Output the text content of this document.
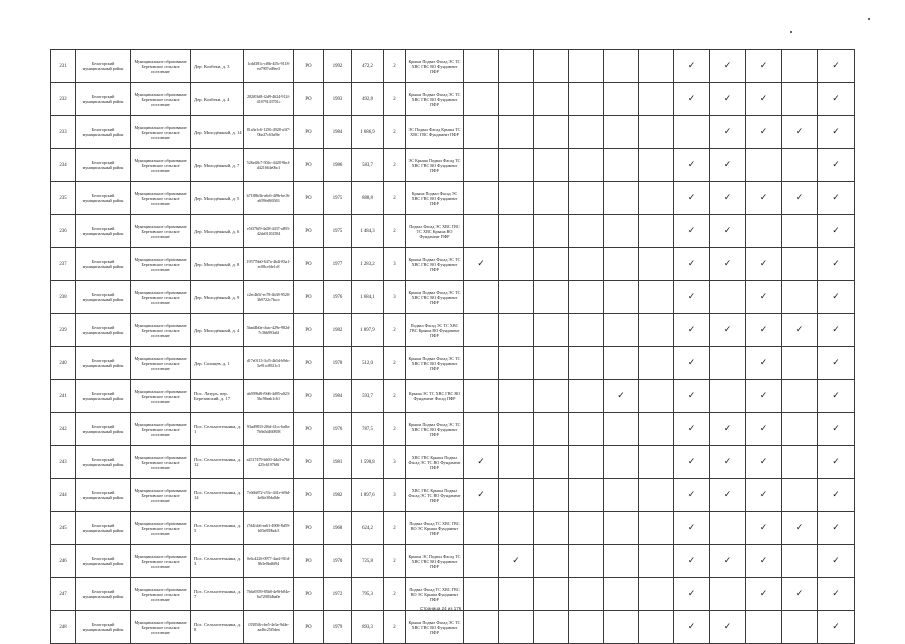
231	Белогорский муниципальный район	Муниципальное образование Березовское сельское поселение	Дер. Колбеки, д. 3	1cdd381c-cf0b-4f5c-9118-ea7907cd8ee3	РО	1992	472,2	2	Крыша Подвал Фасад ЭС ТС ХВС ГВС ВО Фундамент ПФР							✓	✓	✓		✓
232	Белогорский муниципальный район	Муниципальное образование Березовское сельское поселение	Дер. Колбеки, д. 4	282f03d8-f2d9-4624-912f-41679143701c	РО	1993	492,8	2	Крыша Подвал Фасад ЭС ТС ХВС ГВС ВО Фундамент ПФР							✓	✓	✓		✓
233	Белогорский муниципальный район	Муниципальное образование Березовское сельское поселение	Дер. Молодёжный, д. 14	81a3e1c6-1256-4928-a3f7-0be27c63a9fe	РО	1984	1 686,9	2	ЭС Подвал Фасад Крыша ТС ХВС ГВС Фундамент ПФР								✓	✓	✓	✓
234	Белогорский муниципальный район	Муниципальное образование Березовское сельское поселение	Дер. Молодёжный, д. 7	526e48c7-504c-4428-9bcf-d421664e0bc1	РО	1986	583,7	2	ЭС Крыша Подвал Фасад ТС ХВС ГВС ВО Фундамент ПФР							✓	✓			✓
235	Белогорский муниципальный район	Муниципальное образование Березовское сельское поселение	Дер. Молодёжный, д. 5	b7188b3b-a6c6-4f9b-be16-a659fe8f6563	РО	1975	888,8	2	Крыша Подвал Фасад ЭС ХВС ГВС ВО Фундамент ПФР							✓	✓	✓	✓	✓
236	Белогорский муниципальный район	Муниципальное образование Березовское сельское поселение	Дер. Молодёжный, д. 6	e5f376f9-4a58-4437-a893-42da91102584	РО	1975	1 484,3	2	Подвал Фасад ЭС ХВС ГВС ТС ХВС Крыша ВО Фундамент ПФР							✓	✓			✓
237	Белогорский муниципальный район	Муниципальное образование Березовское сельское поселение	Дер. Молодёжный, д. 8	19577bb0-647a-4b4f-83a1-ec08cc6fe1c8	РО	1977	1 283,2	3	Крыша Подвал Фасад ЭС ТС ХВС ГВС ВО Фундамент ПФР	✓						✓	✓	✓		✓
238	Белогорский муниципальный район	Муниципальное образование Березовское сельское поселение	Дер. Молодёжный, д. 9	c2ec4b5f-ec78-4b38-9528-3b9722c7bccc	РО	1976	1 684,1	3	Крыша Подвал Фасад ЭС ТС ХВС ГВС ВО Фундамент ПФР							✓		✓		✓
239	Белогорский муниципальный район	Муниципальное образование Березовское сельское поселение	Дер. Молодёжный, д. 4	5bad4b0a-cbac-429e-982d-7c36b993a6f	РО	1982	1 897,9	2	Подвал Фасад ЭС ТС ХВС ГВС Крыша ВО Фундамент ПФР							✓	✓	✓	✓	✓
240	Белогорский муниципальный район	Муниципальное образование Березовское сельское поселение	Дер. Солнцев, д. 1	d17e0113-3cf5-4b5d-b9dc-5e91cc8921c3	РО	1978	512,0	2	Крыша Подвал Фасад ЭС ТС ХВС ГВС ВО Фундамент ПФР							✓		✓		✓
241	Белогорский муниципальный район	Муниципальное образование Березовское сельское поселение	Пос. Лазурь, пер. Березовский, д. 17	ab599bf8-f9d6-4d95-a023-5bc96eab1c61	РО	1984	593,7	2	Крыша ЭС ТС ХВС ГВС ВО Фундамент Фасад ПФР					✓		✓		✓		✓
242	Белогорский муниципальный район	Муниципальное образование Березовское сельское поселение	Пос. Сельхозтехника, д. 1	93ad9833-2f6d-41cc-ba8a-7b9a5d460858	РО	1976	787,5	2	Крыша Подвал Фасад ЭС ТС ХВС ГВС ВО Фундамент ПФР							✓	✓	✓		✓
243	Белогорский муниципальный район	Муниципальное образование Березовское сельское поселение	Пос. Сельхозтехника, д. 12	a2517479-b603-4da3-a76f-425c619768f	РО	1981	1 590,8	3	ХВС ГВС Крыша Подвал Фасад ЭС ТС ВО Фундамент ПФР	✓						✓	✓	✓		✓
244	Белогорский муниципальный район	Муниципальное образование Березовское сельское поселение	Пос. Сельхозтехника, д. 14	7c66b872-c53c-441e-b9fd-4e0fe30da8de	РО	1982	1 897,6	3	ХВС ГВС Крыша Подвал Фасад ЭС ТС ВО Фундамент ПФР	✓						✓	✓	✓		✓
245	Белогорский муниципальный район	Муниципальное образование Березовское сельское поселение	Пос. Сельхозтехника, д. 5	f7d4fcb6-ea61-4908-8d59-b03e839bdc3	РО	1968	624,2	2	Подвал Фасад ТС ХВС ГВС ВО ЭС Крыша Фундамент ПФР							✓		✓	✓	✓
246	Белогорский муниципальный район	Муниципальное образование Березовское сельское поселение	Пос. Сельхозтехника, д. 3	0c6c4226-0977-4ae2-9f1d-8b3e0bd6f94	РО	1970	725,8	2	Крыша ЭС Подвал Фасад ТС ХВС ГВС ВО Фундамент ПФР		✓					✓	✓	✓		✓
247	Белогорский муниципальный район	Муниципальное образование Березовское сельское поселение	Пос. Сельхозтехника, д. 7	7b6a9359-85b8-4e9f-b84e-6a72083dba0e	РО	1972	795,3	2	Подвал Фасад ТС ХВС ГВС ВО ЭС Крыша Фундамент ПФР							✓		✓	✓	✓
248	Белогорский муниципальный район	Муниципальное образование Березовское сельское поселение	Пос. Сельхозтехника, д. 8	f3585f6-cbe5-4e3a-9d4e-aa46c25f5dea	РО	1979	893,3	2	Крыша Подвал Фасад ЭС ТС ХВС ГВС ВО Фундамент ПФР							✓	✓			✓
Страница 24 из 176
